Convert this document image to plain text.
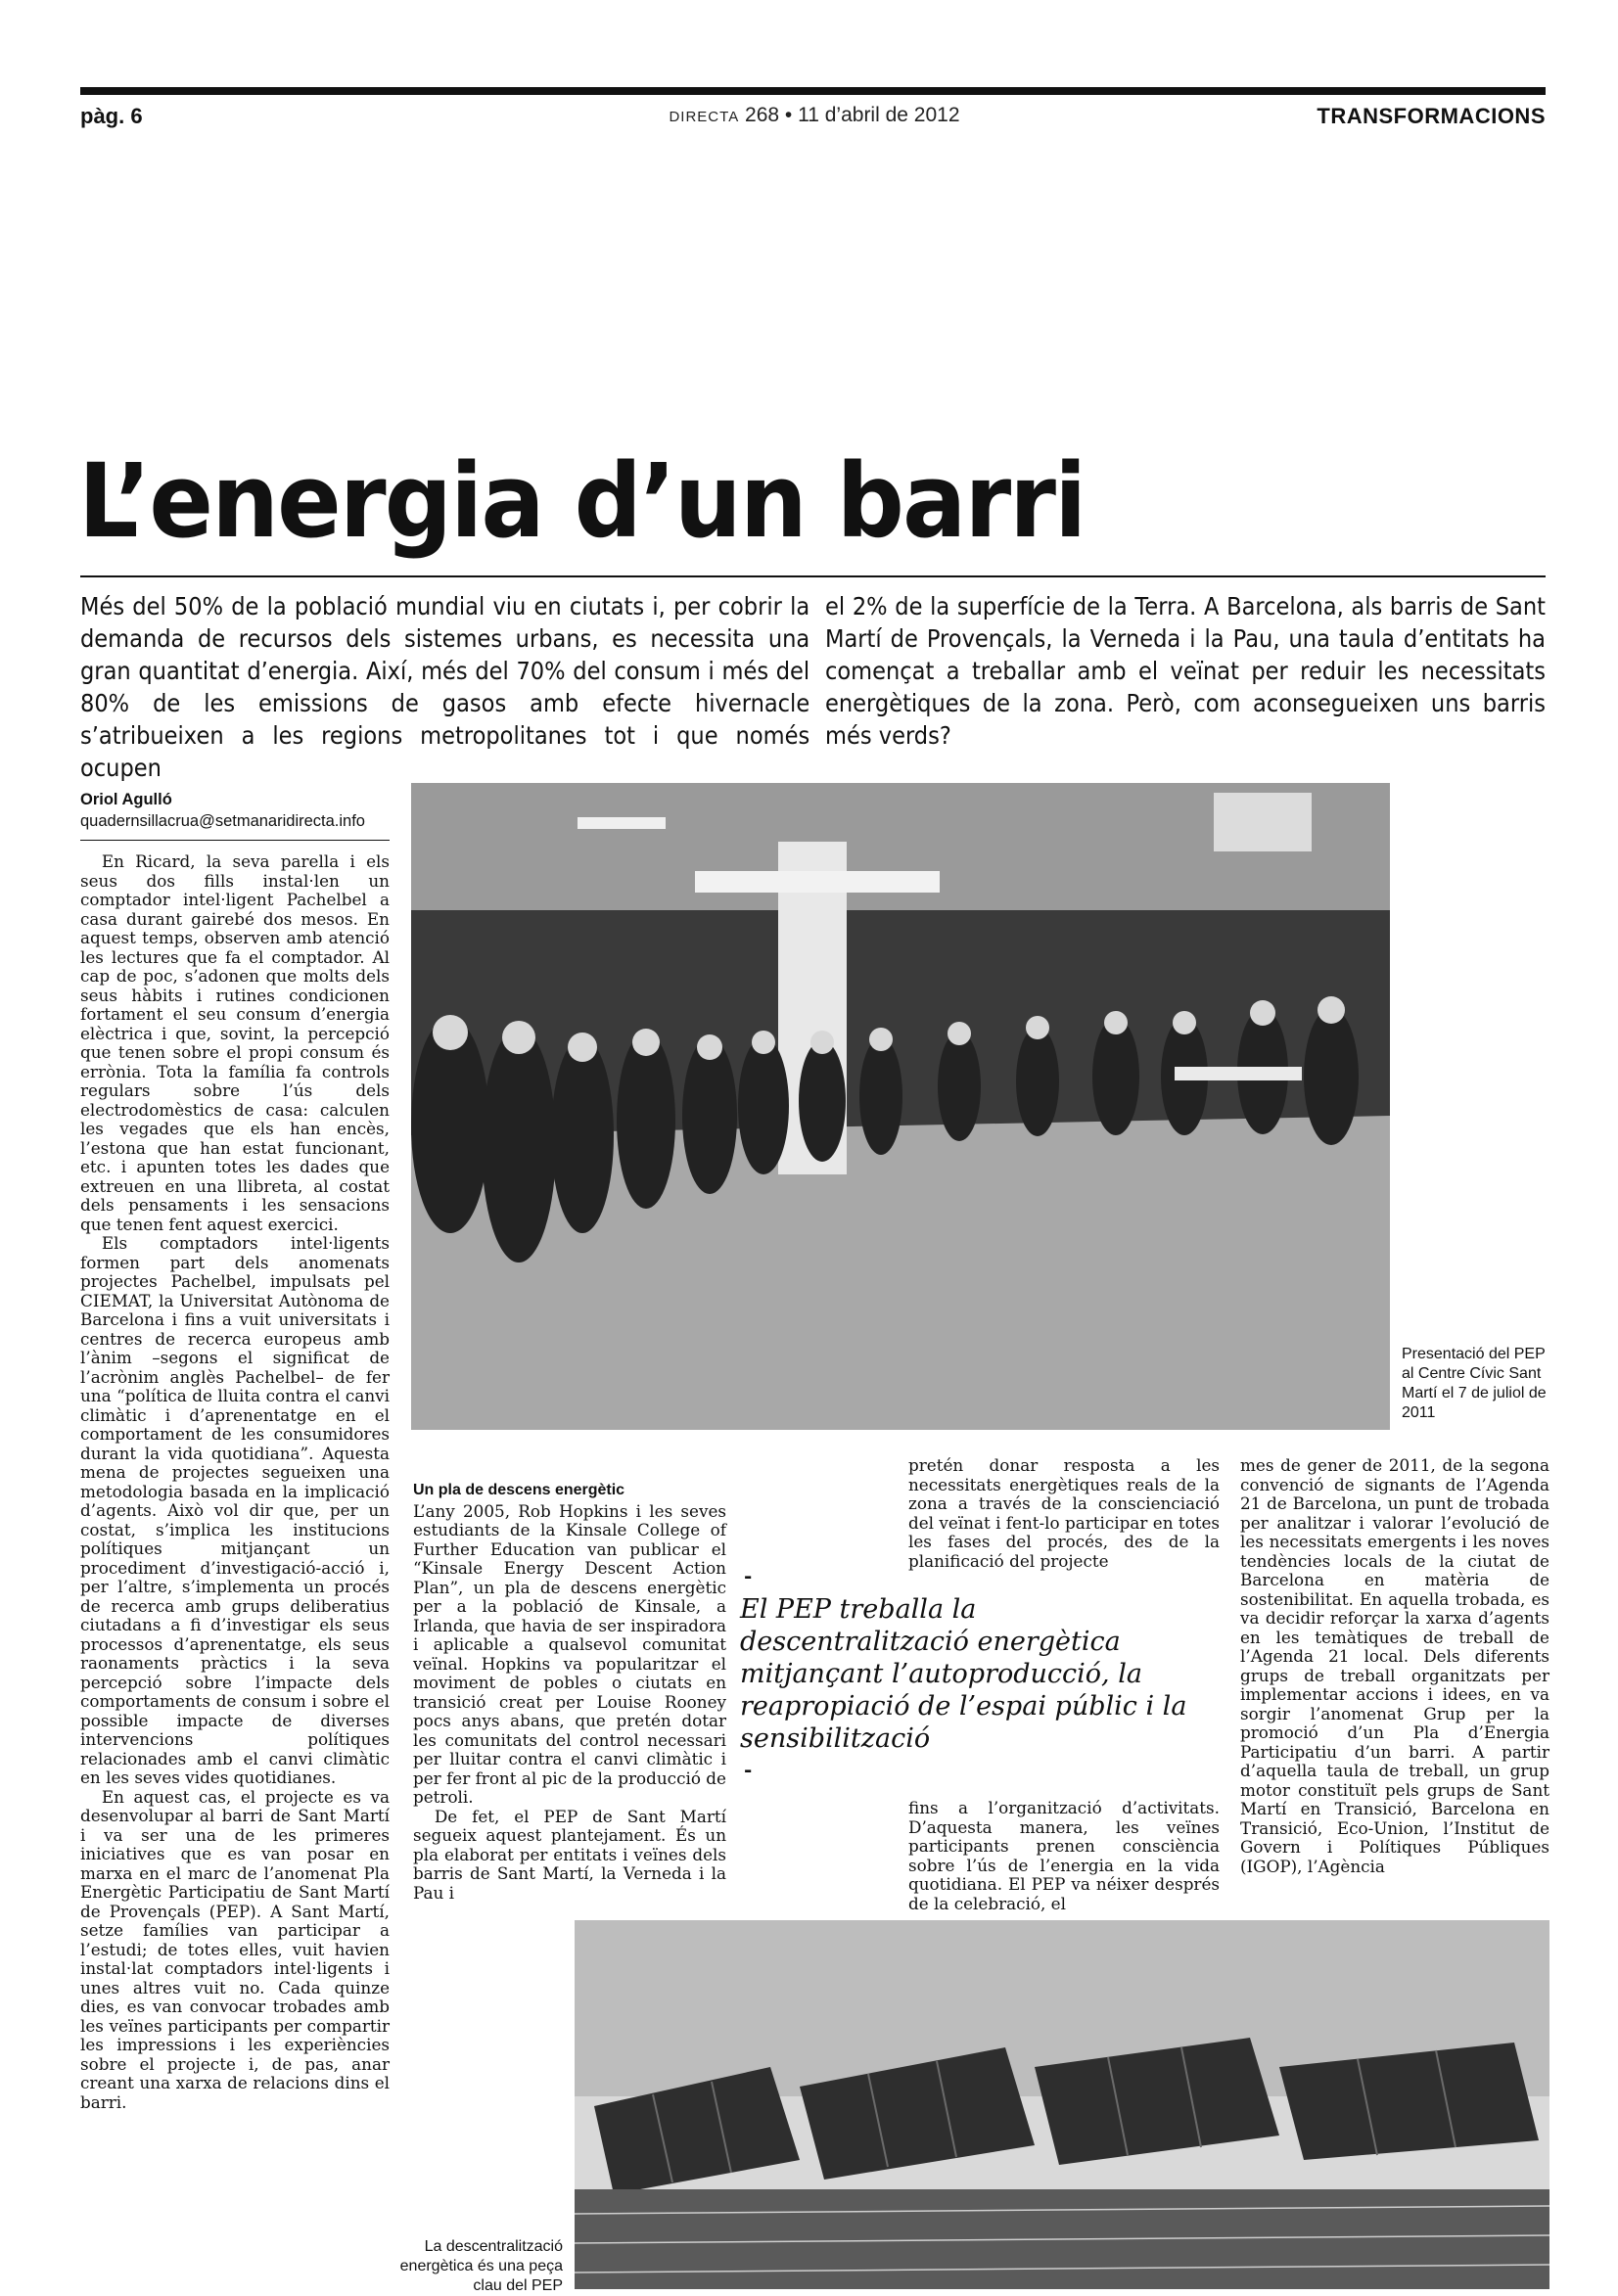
pàg. 6	DIRECTA 268 • 11 d’abril de 2012	TRANSFORMACIONS
L’energia d’un barri
Més del 50% de la població mundial viu en ciutats i, per cobrir la demanda de recursos dels sistemes urbans, es necessita una gran quantitat d’energia. Així, més del 70% del consum i més del 80% de les emissions de gasos amb efecte hivernacle s’atribueixen a les regions metropolitanes tot i que només ocupen
el 2% de la superfície de la Terra. A Barcelona, als barris de Sant Martí de Provençals, la Verneda i la Pau, una taula d’entitats ha començat a treballar amb el veïnat per reduir les necessitats energètiques de la zona. Però, com aconsegueixen uns barris més verds?
Oriol Agulló
quadernsillacrua@setmanaridirecta.info

En Ricard, la seva parella i els seus dos fills instal·len un comptador intel·ligent Pachelbel a casa durant gairebé dos mesos. En aquest temps, observen amb atenció les lectures que fa el comptador. Al cap de poc, s’adonen que molts dels seus hàbits i rutines condicionen fortament el seu consum d’energia elèctrica i que, sovint, la percepció que tenen sobre el propi consum és errònia. Tota la família fa controls regulars sobre l’ús dels electrodomèstics de casa: calculen les vegades que els han encès, l’estona que han estat funcionant, etc. i apunten totes les dades que extreuen en una llibreta, al costat dels pensaments i les sensacions que tenen fent aquest exercici.

Els comptadors intel·ligents formen part dels anomenats projectes Pachelbel, impulsats pel CIEMAT, la Universitat Autònoma de Barcelona i fins a vuit universitats i centres de recerca europeus amb l’ànim –segons el significat de l’acrònim anglès Pachelbel– de fer una “política de lluita contra el canvi climàtic i d’aprenentatge en el comportament de les consumidores durant la vida quotidiana”. Aquesta mena de projectes segueixen una metodologia basada en la implicació d’agents. Això vol dir que, per un costat, s’implica les institucions polítiques mitjançant un procediment d’investigació-acció i, per l’altre, s’implementa un procés de recerca amb grups deliberatius ciutadans a fi d’investigar els seus processos d’aprenentatge, els seus raonaments pràctics i la seva percepció sobre l’impacte dels comportaments de consum i sobre el possible impacte de diverses intervencions polítiques relacionades amb el canvi climàtic en les seves vides quotidianes.

En aquest cas, el projecte es va desenvolupar al barri de Sant Martí i va ser una de les primeres iniciatives que es van posar en marxa en el marc de l’anomenat Pla Energètic Participatiu de Sant Martí de Provençals (PEP). A Sant Martí, setze famílies van participar a l’estudi; de totes elles, vuit havien instal·lat comptadors intel·ligents i unes altres vuit no. Cada quinze dies, es van convocar trobades amb les veïnes participants per compartir les impressions i les experiències sobre el projecte i, de pas, anar creant una xarxa de relacions dins el barri.

Presentació del PEP al Centre Cívic Sant Martí el 7 de juliol de 2011
Un pla de descens energètic

L’any 2005, Rob Hopkins i les seves estudiants de la Kinsale College of Further Education van publicar el “Kinsale Energy Descent Action Plan”, un pla de descens energètic per a la població de Kinsale, a Irlanda, que havia de ser inspiradora i aplicable a qualsevol comunitat veïnal. Hopkins va popularitzar el moviment de pobles o ciutats en transició creat per Louise Rooney pocs anys abans, que pretén dotar les comunitats del control necessari per lluitar contra el canvi climàtic i per fer front al pic de la producció de petroli.

De fet, el PEP de Sant Martí segueix aquest plantejament. És un pla elaborat per entitats i veïnes dels barris de Sant Martí, la Verneda i la Pau i

pretén donar resposta a les necessitats energètiques reals de la zona a través de la conscienciació del veïnat i fent-lo participar en totes les fases del procés, des de la planificació del projecte
-
El PEP treballa la descentralització energètica mitjançant l’autoproducció, la reapropiació de l’espai públic i la sensibilització
-
fins a l’organització d’activitats. D’aquesta manera, les veïnes participants prenen consciència sobre l’ús de l’energia en la vida quotidiana. El PEP va néixer després de la celebració, el
mes de gener de 2011, de la segona convenció de signants de l’Agenda 21 de Barcelona, un punt de trobada per analitzar i valorar l’evolució de les necessitats emergents i les noves tendències locals de la ciutat de Barcelona en matèria de sostenibilitat. En aquella trobada, es va decidir reforçar la xarxa d’agents en les temàtiques de treball de l’Agenda 21 local. Dels diferents grups de treball organitzats per implementar accions i idees, en va sorgir l’anomenat Grup per la promoció d’un Pla d’Energia Participatiu d’un barri. A partir d’aquella taula de treball, un grup motor constituït pels grups de Sant Martí en Transició, Barcelona en Transició, Eco-Union, l’Institut de Govern i Polítiques Públiques (IGOP), l’Agència
La descentralització energètica és una peça clau del PEP
